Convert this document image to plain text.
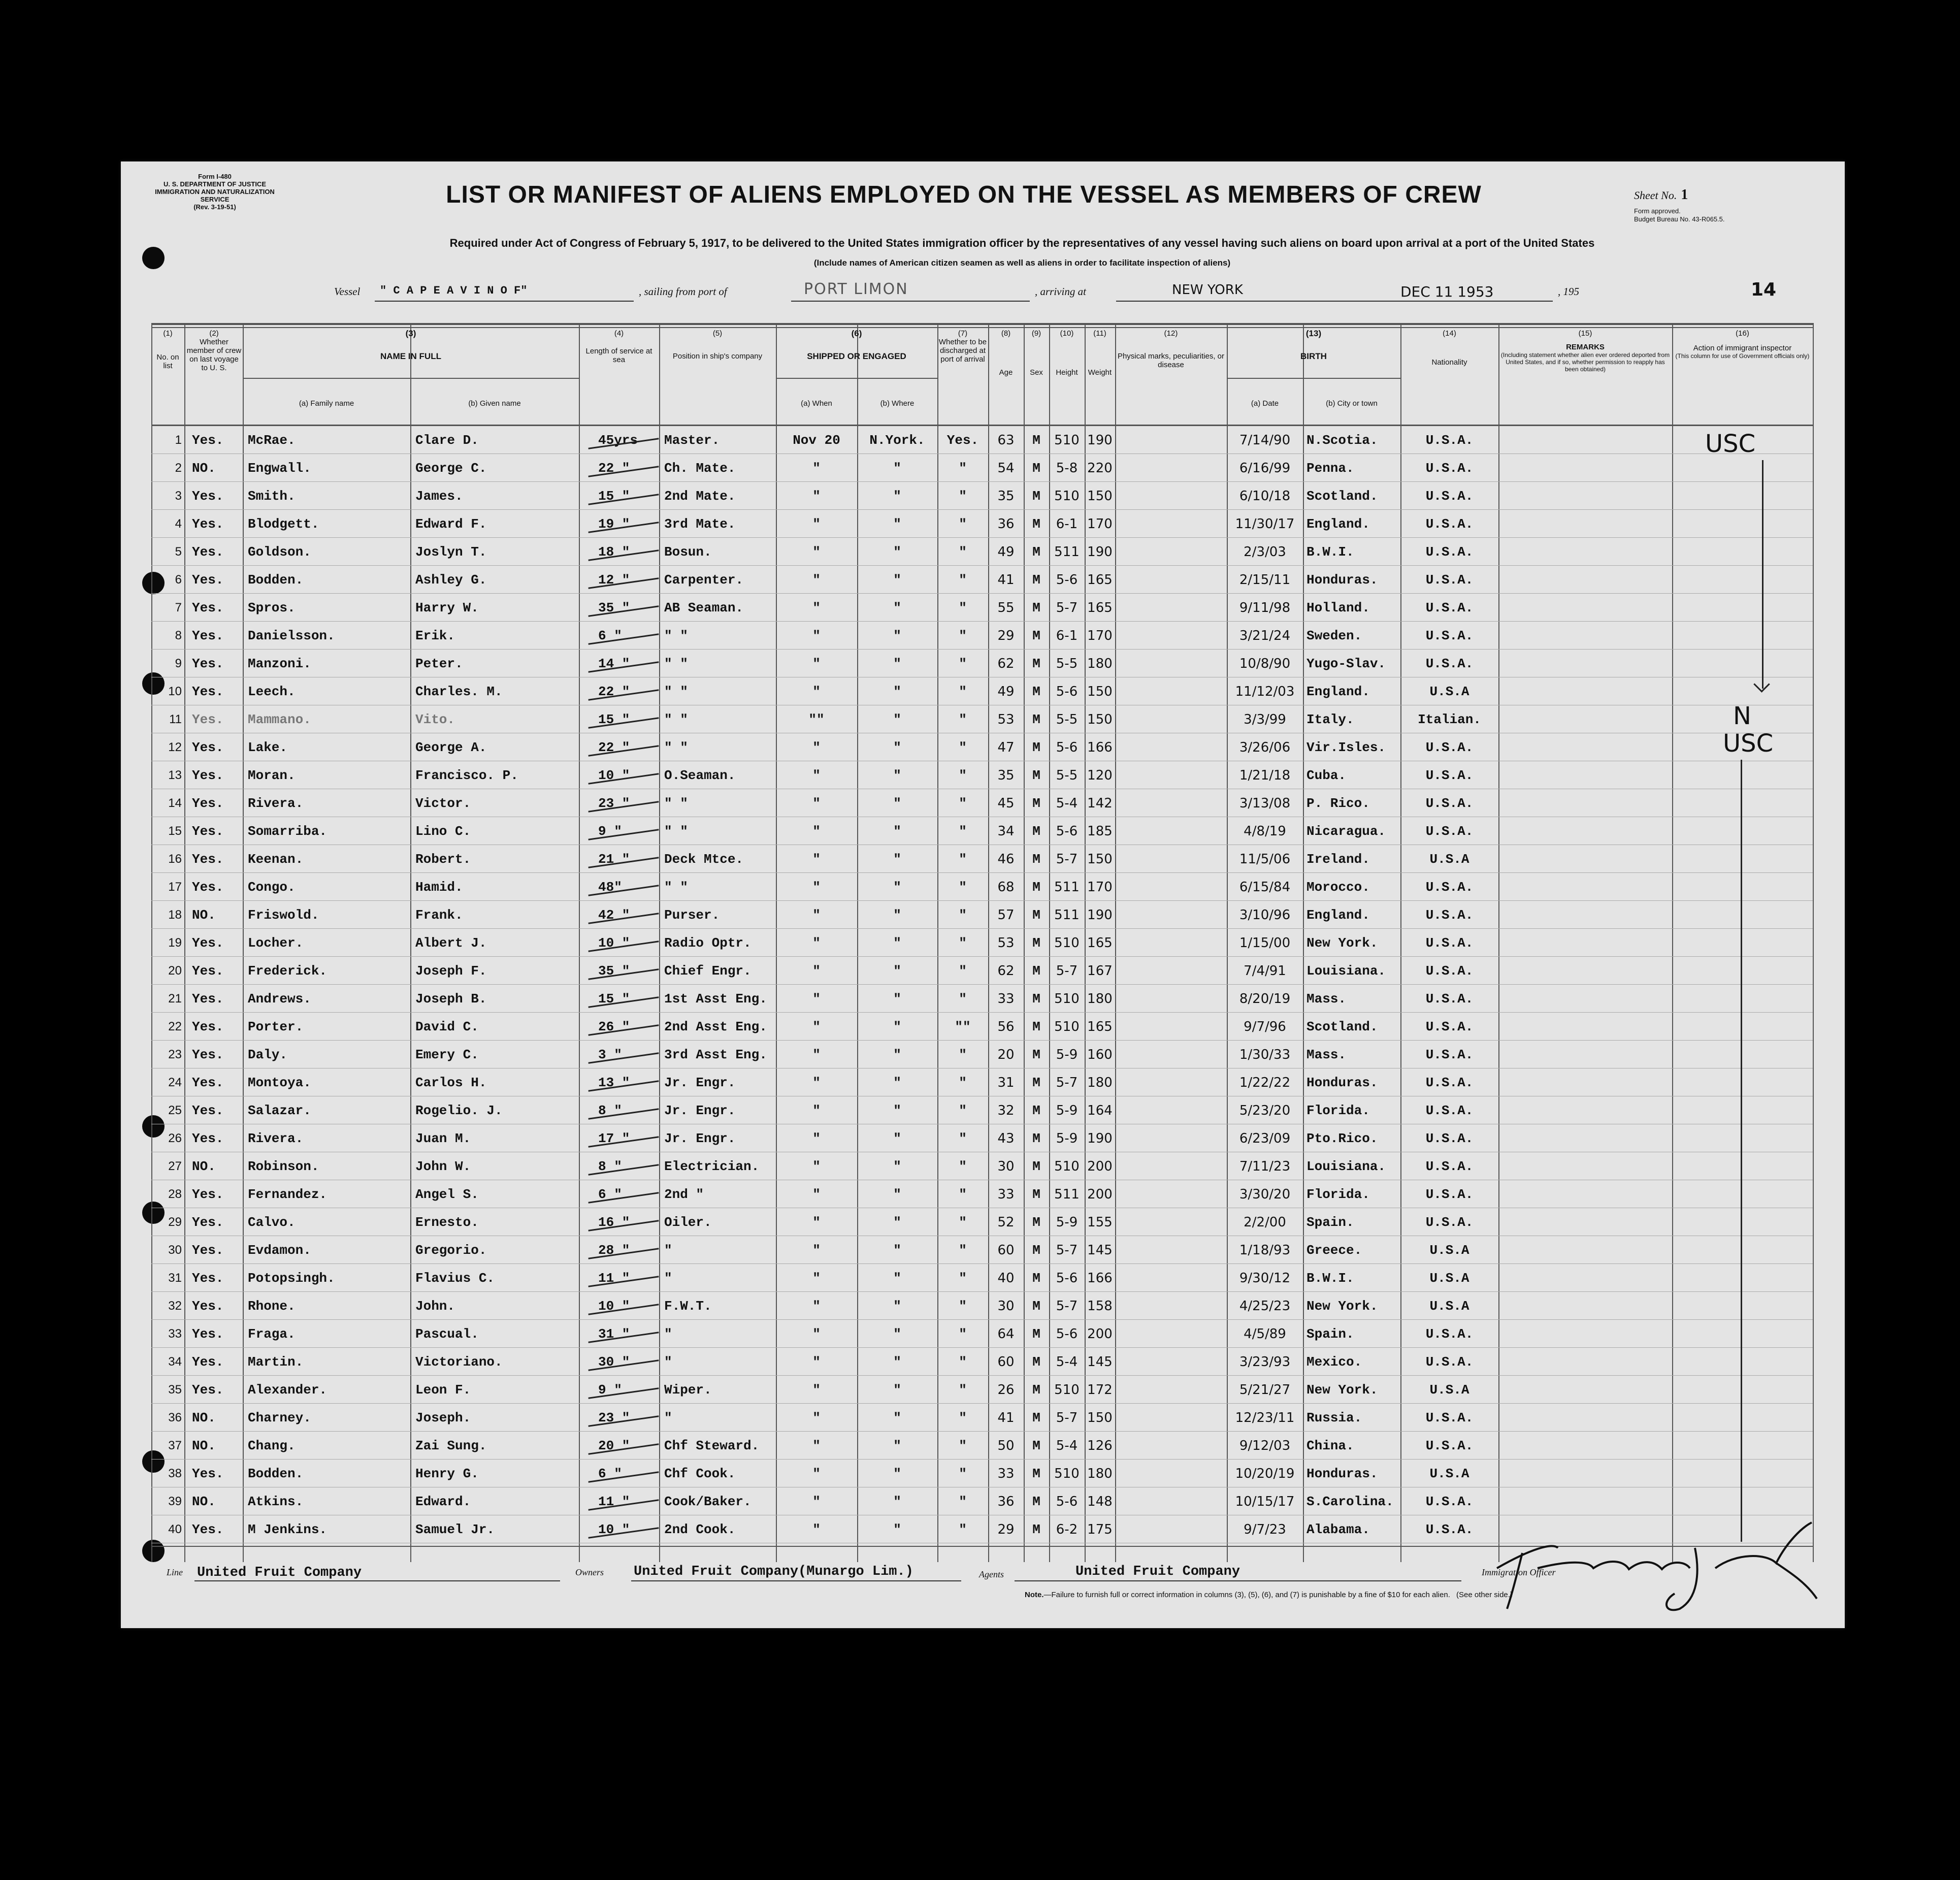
Form I-480
U. S. DEPARTMENT OF JUSTICE
IMMIGRATION AND NATURALIZATION SERVICE
(Rev. 3-19-51)	LIST OR MANIFEST OF ALIENS EMPLOYED ON THE VESSEL AS MEMBERS OF CREW	Sheet No. 1
Form approved.
Budget Bureau No. 43-R065.5.
Required under Act of Congress of February 5, 1917, to be delivered to the United States immigration officer by the representatives of any vessel having such aliens on board upon arrival at a port of the United States
(Include names of American citizen seamen as well as aliens in order to facilitate inspection of aliens)
Vessel " C A P E A V I N O F"	, sailing from port of	PORT LIMON	, arriving at	NEW YORK	DEC 11 1953	, 195	14
(1)
No. on list
(2)
Whether member of crew on last voyage to U. S.
(3)
NAME IN FULL
(a) Family name	(b) Given name
(4)
Length of service at sea
(5)
Position in ship's company
(6)
SHIPPED OR ENGAGED
(a) When	(b) Where
(7)
Whether to be discharged at port of arrival
(8)
Age
(9)
Sex
(10)
Height
(11)
Weight
(12)
Physical marks, peculiarities, or disease
(13)
BIRTH
(a) Date	(b) City or town
(14)
Nationality
(15)
REMARKS
(Including statement whether alien ever ordered deported from United States, and if so, whether permission to reapply has been obtained)
(16)
Action of immigrant inspector
(This column for use of Government officials only)
1 Yes. McRae.	Clare D.	45yrs Master.	Nov 20	N.York.	Yes.	63	M	510 190	7/14/90	N.Scotia.	U.S.A.
2 NO. Engwall.	George C.	22 "	Ch. Mate.	"	"	"	54	M	5-8 220	6/16/99	Penna.	U.S.A.
3 Yes. Smith.	James.	15 "	2nd Mate.	"	"	"	35	M	510 150	6/10/18	Scotland.	U.S.A.
4 Yes. Blodgett.	Edward F.	19 "	3rd Mate.	"	"	"	36	M	6-1 170	11/30/17 England.	U.S.A.
5 Yes. Goldson.	Joslyn T.	18 "	Bosun.	"	"	"	49	M	511 190	2/3/03	B.W.I.	U.S.A.
6 Yes. Bodden.	Ashley G.	12 "	Carpenter.	"	"	"	41	M	5-6 165	2/15/11	Honduras.	U.S.A.
7 Yes. Spros.	Harry W.	35 "	AB Seaman.	"	"	"	55	M	5-7 165	9/11/98	Holland.	U.S.A.
8 Yes. Danielsson.	Erik.	6 "	" "	"	"	"	29	M	6-1 170	3/21/24	Sweden.	U.S.A.
9 Yes. Manzoni.	Peter.	14 "	" "	"	"	"	62	M	5-5 180	10/8/90	Yugo-Slav.	U.S.A.
10 Yes. Leech.	Charles. M.	22 "	" "	"	"	"	49	M	5-6 150	11/12/03 England.	U.S.A
11 Yes. Mammano.	Vito.	15 "	" "	""	"	"	53	M	5-5 150	3/3/99	Italy.	Italian.
12 Yes. Lake.	George A.	22 "	" "	"	"	"	47	M	5-6 166	3/26/06	Vir.Isles.	U.S.A.
13 Yes. Moran.	Francisco. P.	10 "	O.Seaman.	"	"	"	35	M	5-5 120	1/21/18	Cuba.	U.S.A.
14 Yes. Rivera.	Victor.	23 "	" "	"	"	"	45	M	5-4 142	3/13/08	P. Rico.	U.S.A.
15 Yes. Somarriba.	Lino C.	9 "	" "	"	"	"	34	M	5-6 185	4/8/19	Nicaragua.	U.S.A.
16 Yes. Keenan.	Robert.	21 "	Deck Mtce.	"	"	"	46	M	5-7 150	11/5/06	Ireland.	U.S.A
17 Yes. Congo.	Hamid.	48"	" "	"	"	"	68	M	511 170	6/15/84	Morocco.	U.S.A.
18 NO. Friswold.	Frank.	42 "	Purser.	"	"	"	57	M	511 190	3/10/96	England.	U.S.A.
19 Yes. Locher.	Albert J.	10 "	Radio Optr.	"	"	"	53	M	510 165	1/15/00	New York.	U.S.A.
20 Yes. Frederick.	Joseph F.	35 "	Chief Engr.	"	"	"	62	M	5-7 167	7/4/91	Louisiana.	U.S.A.
21 Yes. Andrews.	Joseph B.	15 "	1st Asst Eng.	"	"	"	33	M	510 180	8/20/19	Mass.	U.S.A.
22 Yes. Porter.	David C.	26 "	2nd Asst Eng.	"	"	""	56	M	510 165	9/7/96	Scotland.	U.S.A.
23 Yes. Daly.	Emery C.	3 "	3rd Asst Eng.	"	"	"	20	M	5-9 160	1/30/33	Mass.	U.S.A.
24 Yes. Montoya.	Carlos H.	13 "	Jr. Engr.	"	"	"	31	M	5-7 180	1/22/22	Honduras.	U.S.A.
25 Yes. Salazar.	Rogelio. J.	8 "	Jr. Engr.	"	"	"	32	M	5-9 164	5/23/20	Florida.	U.S.A.
26 Yes. Rivera.	Juan M.	17 "	Jr. Engr.	"	"	"	43	M	5-9 190	6/23/09	Pto.Rico.	U.S.A.
27 NO. Robinson.	John W.	8 "	Electrician.	"	"	"	30	M	510 200	7/11/23	Louisiana.	U.S.A.
28 Yes. Fernandez.	Angel S.	6 "	2nd "	"	"	"	33	M	511 200	3/30/20	Florida.	U.S.A.
29 Yes. Calvo.	Ernesto.	16 "	Oiler.	"	"	"	52	M	5-9 155	2/2/00	Spain.	U.S.A.
30 Yes. Evdamon.	Gregorio.	28 "	"	"	"	"	60	M	5-7 145	1/18/93	Greece.	U.S.A
31 Yes. Potopsingh.	Flavius C.	11 "	"	"	"	"	40	M	5-6 166	9/30/12	B.W.I.	U.S.A
32 Yes. Rhone.	John.	10 "	F.W.T.	"	"	"	30	M	5-7 158	4/25/23	New York.	U.S.A
33 Yes. Fraga.	Pascual.	31 "	"	"	"	"	64	M	5-6 200	4/5/89	Spain.	U.S.A.
34 Yes. Martin.	Victoriano.	30 "	"	"	"	"	60	M	5-4 145	3/23/93	Mexico.	U.S.A.
35 Yes. Alexander.	Leon F.	9 "	Wiper.	"	"	"	26	M	510 172	5/21/27	New York.	U.S.A
36 NO. Charney.	Joseph.	23 "	"	"	"	"	41	M	5-7 150	12/23/11 Russia.	U.S.A.
37 NO. Chang.	Zai Sung.	20 "	Chf Steward.	"	"	"	50	M	5-4 126	9/12/03	China.	U.S.A.
38 Yes. Bodden.	Henry G.	6 "	Chf Cook.	"	"	"	33	M	510 180	10/20/19 Honduras.	U.S.A
39 NO. Atkins.	Edward.	11 "	Cook/Baker.	"	"	"	36	M	5-6 148	10/15/17 S.Carolina.	U.S.A.
40 Yes. M Jenkins.	Samuel Jr.	10 "	2nd Cook.	"	"	"	29	M	6-2 175	9/7/23	Alabama.	U.S.A.
USC
N
USC
Line United Fruit Company	Owners United Fruit Company(Munargo Lim.)	Agents	United Fruit Company	Immigration Officer
Note.—Failure to furnish full or correct information in columns (3), (5), (6), and (7) is punishable by a fine of $10 for each alien. (See other side.)
